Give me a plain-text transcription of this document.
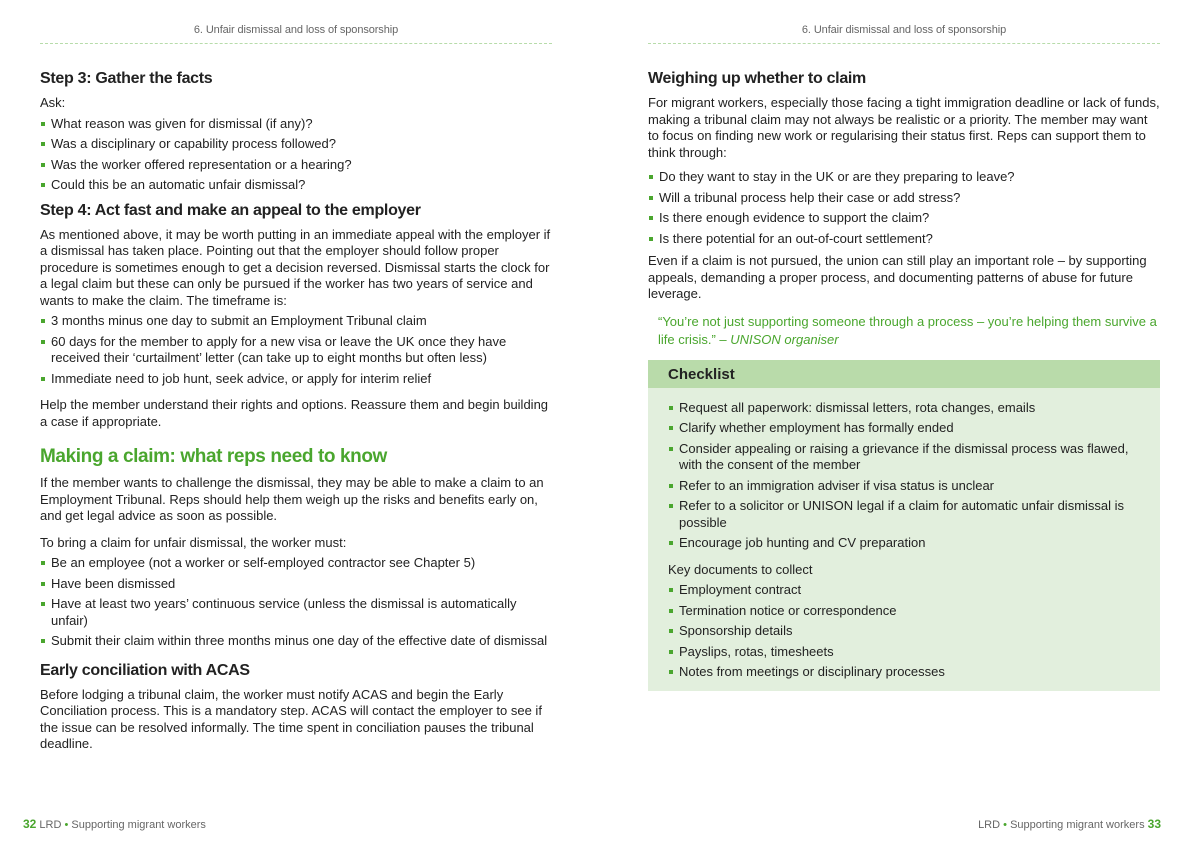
6. Unfair dismissal and loss of sponsorship
Step 3: Gather the facts

Ask:

What reason was given for dismissal (if any)?
Was a disciplinary or capability process followed?
Was the worker offered representation or a hearing?
Could this be an automatic unfair dismissal?
Step 4: Act fast and make an appeal to the employer

As mentioned above, it may be worth putting in an immediate appeal with the employer if a dismissal has taken place. Pointing out that the employer should follow proper procedure is sometimes enough to get a decision reversed. Dismissal starts the clock for a legal claim but these can only be pursued if the worker has two years of service and wants to make the claim. The timeframe is:

3 months minus one day to submit an Employment Tribunal claim
60 days for the member to apply for a new visa or leave the UK once they have received their ‘curtailment’ letter (can take up to eight months but often less)
Immediate need to job hunt, seek advice, or apply for interim relief

Help the member understand their rights and options. Reassure them and begin building a case if appropriate.

Making a claim: what reps need to know

If the member wants to challenge the dismissal, they may be able to make a claim to an Employment Tribunal. Reps should help them weigh up the risks and benefits early on, and get legal advice as soon as possible.

To bring a claim for unfair dismissal, the worker must:

Be an employee (not a worker or self-employed contractor see Chapter 5)
Have been dismissed
Have at least two years’ continuous service (unless the dismissal is automatically unfair)
Submit their claim within three months minus one day of the effective date of dismissal
Early conciliation with ACAS

Before lodging a tribunal claim, the worker must notify ACAS and begin the Early Conciliation process. This is a mandatory step. ACAS will contact the employer to see if the issue can be resolved informally. The time spent in conciliation pauses the tribunal deadline.

32 LRD • Supporting migrant workers
6. Unfair dismissal and loss of sponsorship
Weighing up whether to claim

For migrant workers, especially those facing a tight immigration deadline or lack of funds, making a tribunal claim may not always be realistic or a priority. The member may want to focus on finding new work or regularising their status first. Reps can support them to think through:

Do they want to stay in the UK or are they preparing to leave?
Will a tribunal process help their case or add stress?
Is there enough evidence to support the claim?
Is there potential for an out-of-court settlement?

Even if a claim is not pursued, the union can still play an important role – by supporting appeals, demanding a proper process, and documenting patterns of abuse for future leverage.

“You’re not just supporting someone through a process – you’re helping them survive a life crisis.” – UNISON organiser
Checklist
Request all paperwork: dismissal letters, rota changes, emails
Clarify whether employment has formally ended
Consider appealing or raising a grievance if the dismissal process was flawed, with the consent of the member
Refer to an immigration adviser if visa status is unclear
Refer to a solicitor or UNISON legal if a claim for automatic unfair dismissal is possible
Encourage job hunting and CV preparation

Key documents to collect

Employment contract
Termination notice or correspondence
Sponsorship details
Payslips, rotas, timesheets
Notes from meetings or disciplinary processes
LRD • Supporting migrant workers 33
